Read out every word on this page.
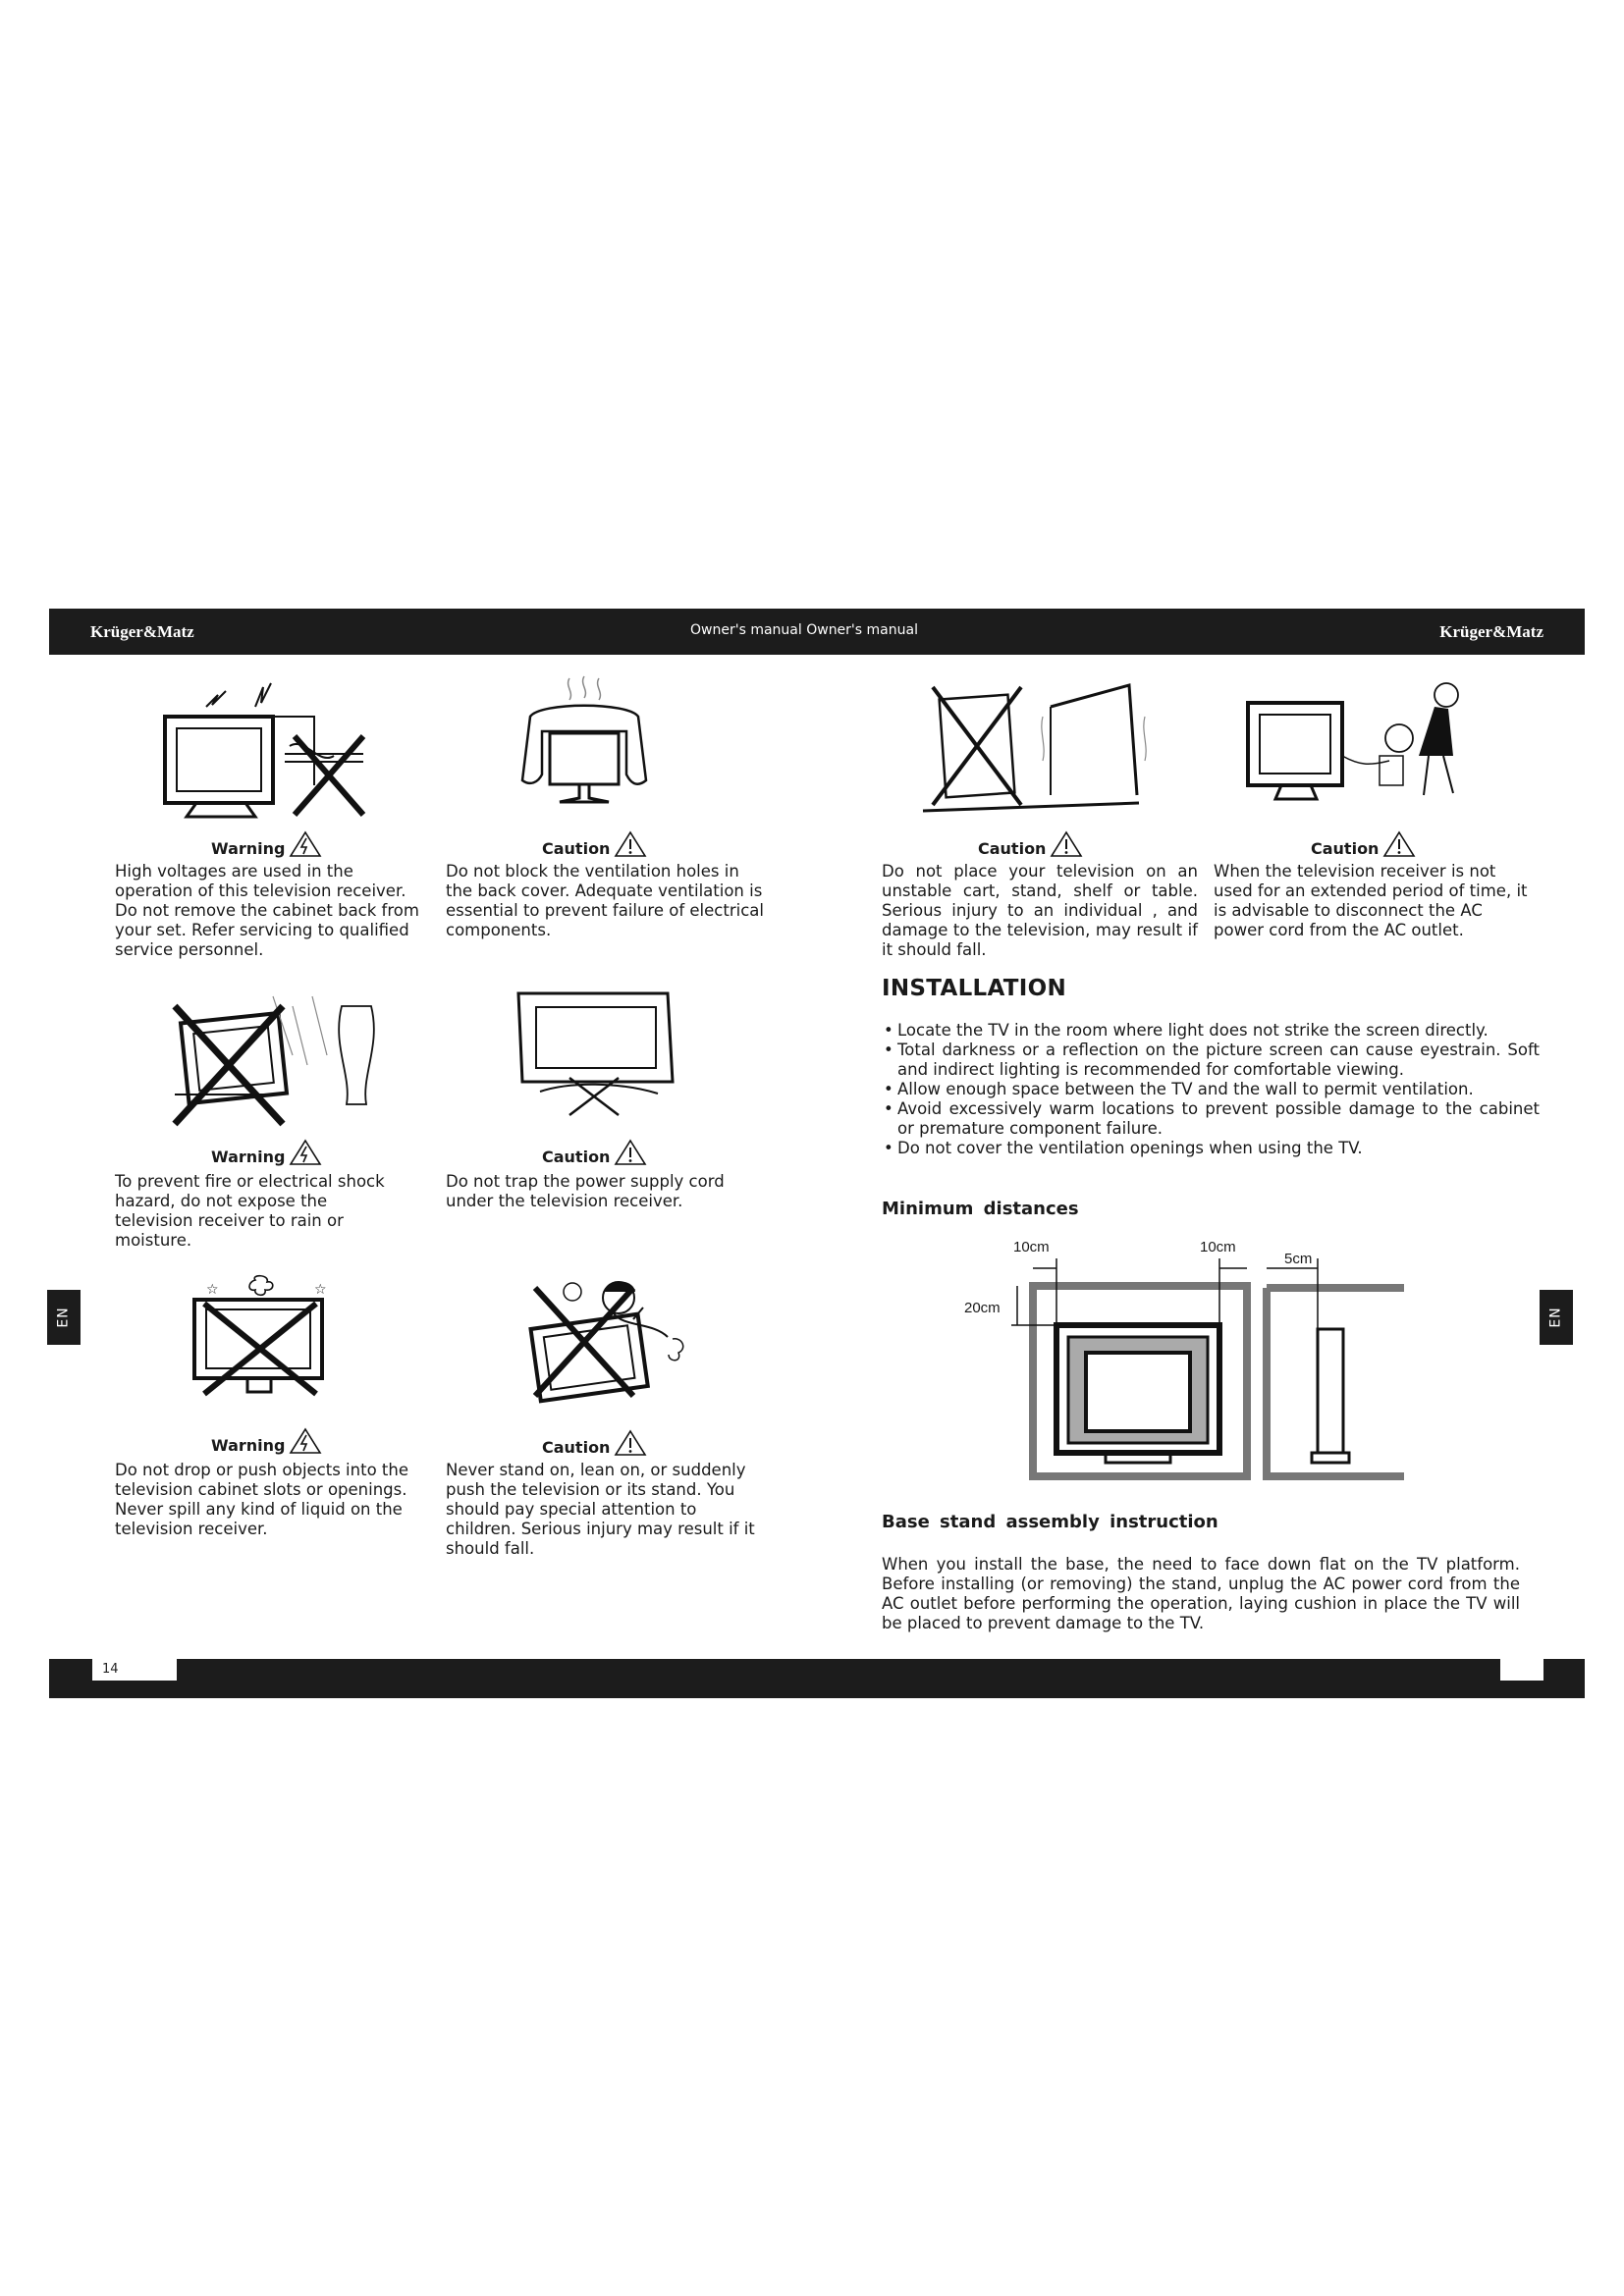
Krüger&Matz	Owner's manual Owner's manual	Krüger&Matz
EN	EN
Warning
High voltages are used in the operation of this television receiver. Do not remove the cabinet back from your set. Refer servicing to qualified service personnel.
Caution
Do not block the ventilation holes in the back cover. Adequate ventilation is essential to prevent failure of electrical components.
Warning
To prevent fire or electrical shock hazard, do not expose the television receiver to rain or moisture.
Caution
Do not trap the power supply cord under the television receiver.
☆	☆
Warning
Do not drop or push objects into the television cabinet slots or openings. Never spill any kind of liquid on the television receiver.
Caution
Never stand on, lean on, or suddenly push the television or its stand. You should pay special attention to children. Serious injury may result if it should fall.
Caution
Do not place your television on an unstable cart, stand, shelf or table. Serious injury to an individual , and damage to the television, may result if it should fall.
Caution
When the television receiver is not used for an extended period of time, it is advisable to disconnect the AC power cord from the AC outlet.
INSTALLATION
• Locate the TV in the room where light does not strike the screen directly.
• Total darkness or a reflection on the picture screen can cause eyestrain. Soft and indirect lighting is recommended for comfortable viewing.
• Allow enough space between the TV and the wall to permit ventilation.
• Avoid excessively warm locations to prevent possible damage to the cabinet or premature component failure.
• Do not cover the ventilation openings when using the TV.
Minimum distances
10cm	10cm
5cm
20cm
Base stand assembly instruction
When you install the base, the need to face down flat on the TV platform. Before installing (or removing) the stand, unplug the AC power cord from the AC outlet before performing the operation, laying cushion in place the TV will be placed to prevent damage to the TV.
14
